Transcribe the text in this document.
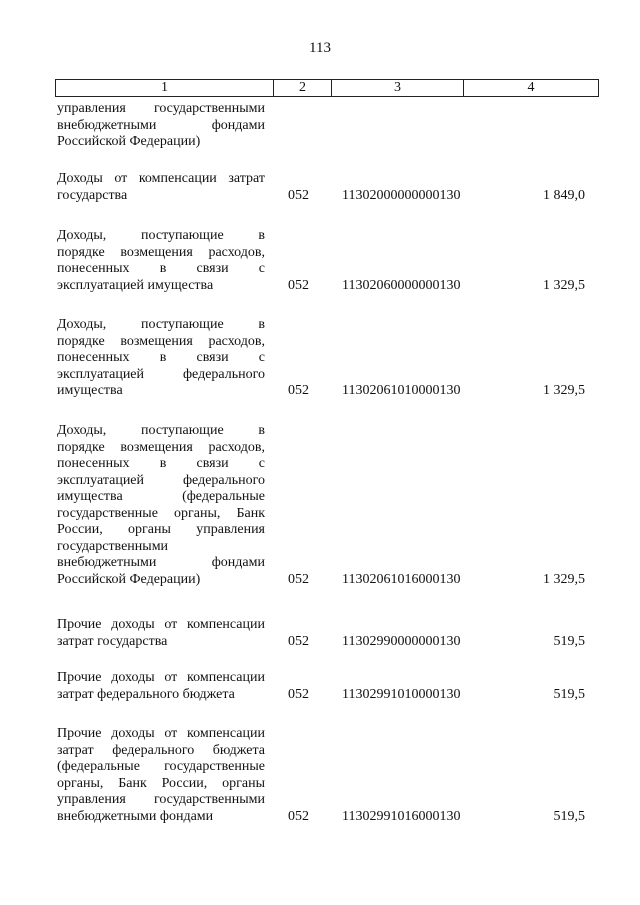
113
1	2	3	4
управления государственными
внебюджетными фондами
Российской Федерации)
Доходы от компенсации затрат
государства	052 11302000000000130	1 849,0
Доходы, поступающие в
порядке возмещения расходов,
понесенных в связи с
эксплуатацией имущества	052 11302060000000130	1 329,5
Доходы, поступающие в
порядке возмещения расходов,
понесенных в связи с
эксплуатацией федерального
имущества	052 11302061010000130	1 329,5
Доходы, поступающие в
порядке возмещения расходов,
понесенных в связи с
эксплуатацией федерального
имущества (федеральные
государственные органы, Банк
России, органы управления
государственными
внебюджетными фондами
Российской Федерации)	052 11302061016000130	1 329,5
Прочие доходы от компенсации
затрат государства	052 11302990000000130	519,5
Прочие доходы от компенсации
затрат федерального бюджета	052 11302991010000130	519,5
Прочие доходы от компенсации
затрат федерального бюджета
(федеральные государственные
органы, Банк России, органы
управления государственными
внебюджетными фондами	052 11302991016000130	519,5
